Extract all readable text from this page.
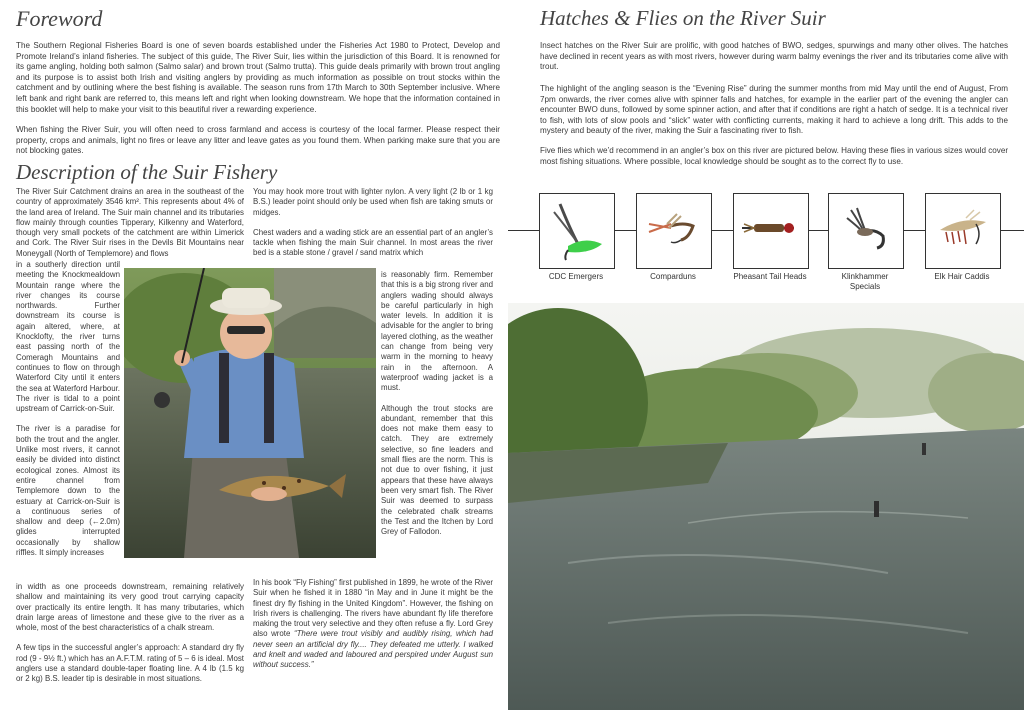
Foreword

The Southern Regional Fisheries Board is one of seven boards established under the Fisheries Act 1980 to Protect, Develop and Promote Ireland’s inland fisheries. The subject of this guide, The River Suir, lies within the jurisdiction of this Board. It is renowned for its game angling, holding both salmon (Salmo salar) and brown trout (Salmo trutta). This guide deals primarily with brown trout angling and its purpose is to assist both Irish and visiting anglers by providing as much information as possible on trout stocks within the catchment and by outlining where the best fishing is available. The season runs from 17th March to 30th September inclusive. Where left bank and right bank are referred to, this means left and right when looking downstream. We hope that the information contained in this booklet will help to make your visit to this beautiful river a rewarding experience.

When fishing the River Suir, you will often need to cross farmland and access is courtesy of the local farmer. Please respect their property, crops and animals, light no fires or leave any litter and leave gates as you found them. When parking make sure that you are not blocking gates.

Description of the Suir Fishery

The River Suir Catchment drains an area in the southeast of the country of approximately 3546 km². This represents about 4% of the land area of Ireland. The Suir main channel and its tributaries flow mainly through counties Tipperary, Kilkenny and Waterford, though very small pockets of the catchment are within Limerick and Cork. The River Suir rises in the Devils Bit Mountains near Moneygall (North of Templemore) and flows

in a southerly direction until meeting the Knockmealdown Mountain range where the river changes its course northwards. Further downstream its course is again altered, where, at Knocklofty, the river turns east passing north of the Comeragh Mountains and continues to flow on through Waterford City until it enters the sea at Waterford Harbour. The river is tidal to a point upstream of Carrick-on-Suir.

The river is a paradise for both the trout and the angler. Unlike most rivers, it cannot easily be divided into distinct ecological zones. Almost its entire channel from Templemore down to the estuary at Carrick-on-Suir is a continuous series of shallow and deep (←2.0m) glides interrupted occasionally by shallow riffles. It simply increases

in width as one proceeds downstream, remaining relatively shallow and maintaining its very good trout carrying capacity over practically its entire length. It has many tributaries, which drain large areas of limestone and these give to the river as a whole, most of the best characteristics of a chalk stream.

A few tips in the successful angler’s approach: A standard dry fly rod (9 - 9½ ft.) which has an A.F.T.M. rating of 5 – 6 is ideal. Most anglers use a standard double-taper floating line. A 4 lb (1.5 kg or 2 kg) B.S. leader tip is desirable in most situations.

You may hook more trout with lighter nylon. A very light (2 lb or 1 kg B.S.) leader point should only be used when fish are taking smuts or midges.

Chest waders and a wading stick are an essential part of an angler’s tackle when fishing the main Suir channel. In most areas the river bed is a stable stone / gravel / sand matrix which

is reasonably firm. Remember that this is a big strong river and anglers wading should always be careful particularly in high water levels. In addition it is advisable for the angler to bring layered clothing, as the weather can change from being very warm in the morning to heavy rain in the afternoon. A waterproof wading jacket is a must.

Although the trout stocks are abundant, remember that this does not make them easy to catch. They are extremely selective, so fine leaders and small flies are the norm. This is not due to over fishing, it just appears that these have always been very smart fish. The River Suir was deemed to surpass the celebrated chalk streams the Test and the Itchen by Lord Grey of Fallodon.

In his book “Fly Fishing” first published in 1899, he wrote of the River Suir when he fished it in 1880 “in May and in June it might be the finest dry fly fishing in the United Kingdom”. However, the fishing on Irish rivers is challenging. The rivers have abundant fly life therefore making the trout very selective and they often refuse a fly. Lord Grey also wrote “There were trout visibly and audibly rising, which had never seen an artificial dry fly.... They defeated me utterly. I walked and knelt and waded and laboured and perspired under August sun without success.”

Hatches & Flies on the River Suir

Insect hatches on the River Suir are prolific, with good hatches of BWO, sedges, spurwings and many other olives. The hatches have declined in recent years as with most rivers, however during warm balmy evenings the river and its tributaries come alive with trout.

The highlight of the angling season is the “Evening Rise” during the summer months from mid May until the end of August, From 7pm onwards, the river comes alive with spinner falls and hatches, for example in the earlier part of the evening the angler can encounter BWO duns, followed by some spinner action, and after that if conditions are right a hatch of sedge. It is a technical river to fish, with lots of slow pools and “slick” water with conflicting currents, making it hard to achieve a long drift. This adds to the mystery and beauty of the river, making the Suir a fascinating river to fish.

Five flies which we’d recommend in an angler’s box on this river are pictured below. Having these flies in various sizes would cover most fishing situations. Where possible, local knowledge should be sought as to the correct fly to use.

CDC Emergers	Comparduns	Pheasant Tail Heads	Klinkhammer Specials
Elk Hair Caddis
